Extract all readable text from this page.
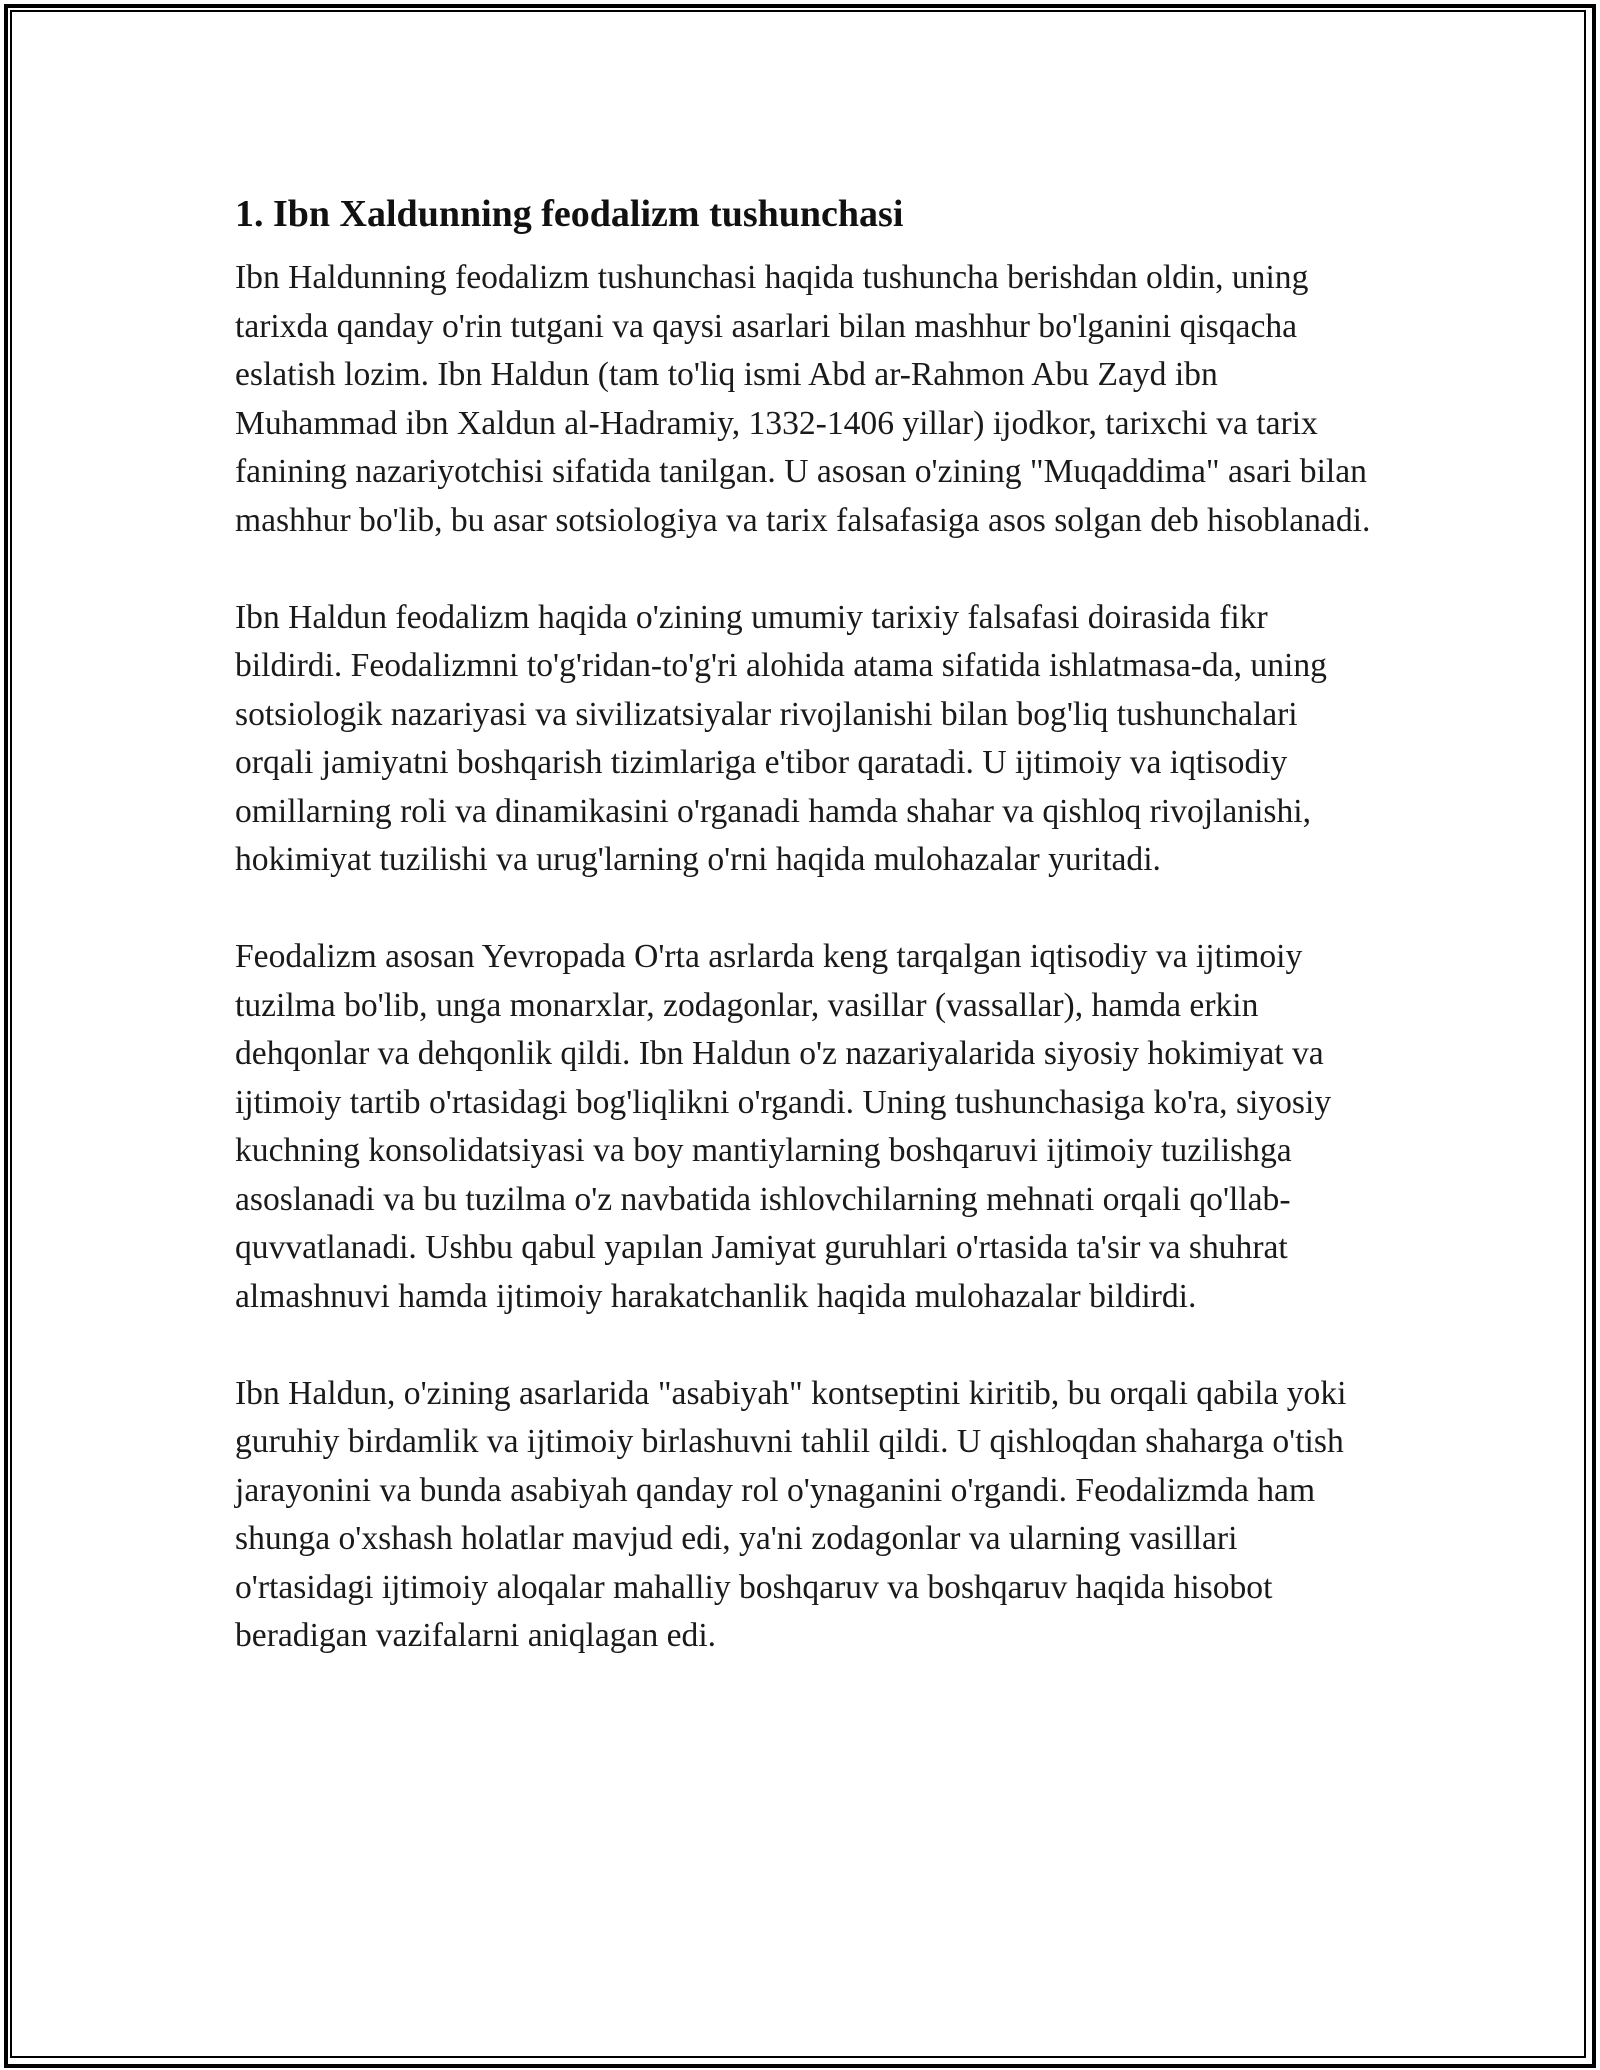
1. Ibn Xaldunning feodalizm tushunchasi

Ibn Haldunning feodalizm tushunchasi haqida tushuncha berishdan oldin, uning tarixda qanday o'rin tutgani va qaysi asarlari bilan mashhur bo'lganini qisqacha eslatish lozim. Ibn Haldun (tam to'liq ismi Abd ar-Rahmon Abu Zayd ibn Muhammad ibn Xaldun al-Hadramiy, 1332-1406 yillar) ijodkor, tarixchi va tarix fanining nazariyotchisi sifatida tanilgan. U asosan o'zining "Muqaddima" asari bilan mashhur bo'lib, bu asar sotsiologiya va tarix falsafasiga asos solgan deb hisoblanadi.

Ibn Haldun feodalizm haqida o'zining umumiy tarixiy falsafasi doirasida fikr bildirdi. Feodalizmni to'g'ridan-to'g'ri alohida atama sifatida ishlatmasa-da, uning sotsiologik nazariyasi va sivilizatsiyalar rivojlanishi bilan bog'liq tushunchalari orqali jamiyatni boshqarish tizimlariga e'tibor qaratadi. U ijtimoiy va iqtisodiy omillarning roli va dinamikasini o'rganadi hamda shahar va qishloq rivojlanishi, hokimiyat tuzilishi va urug'larning o'rni haqida mulohazalar yuritadi.

Feodalizm asosan Yevropada O'rta asrlarda keng tarqalgan iqtisodiy va ijtimoiy tuzilma bo'lib, unga monarxlar, zodagonlar, vasillar (vassallar), hamda erkin dehqonlar va dehqonlik qildi. Ibn Haldun o'z nazariyalarida siyosiy hokimiyat va ijtimoiy tartib o'rtasidagi bog'liqlikni o'rgandi. Uning tushunchasiga ko'ra, siyosiy kuchning konsolidatsiyasi va boy mantiylarning boshqaruvi ijtimoiy tuzilishga asoslanadi va bu tuzilma o'z navbatida ishlovchilarning mehnati orqali qo'llab-quvvatlanadi. Ushbu qabul yapılan Jamiyat guruhlari o'rtasida ta'sir va shuhrat almashnuvi hamda ijtimoiy harakatchanlik haqida mulohazalar bildirdi.

Ibn Haldun, o'zining asarlarida "asabiyah" kontseptini kiritib, bu orqali qabila yoki guruhiy birdamlik va ijtimoiy birlashuvni tahlil qildi. U qishloqdan shaharga o'tish jarayonini va bunda asabiyah qanday rol o'ynaganini o'rgandi. Feodalizmda ham shunga o'xshash holatlar mavjud edi, ya'ni zodagonlar va ularning vasillari o'rtasidagi ijtimoiy aloqalar mahalliy boshqaruv va boshqaruv haqida hisobot beradigan vazifalarni aniqlagan edi.
